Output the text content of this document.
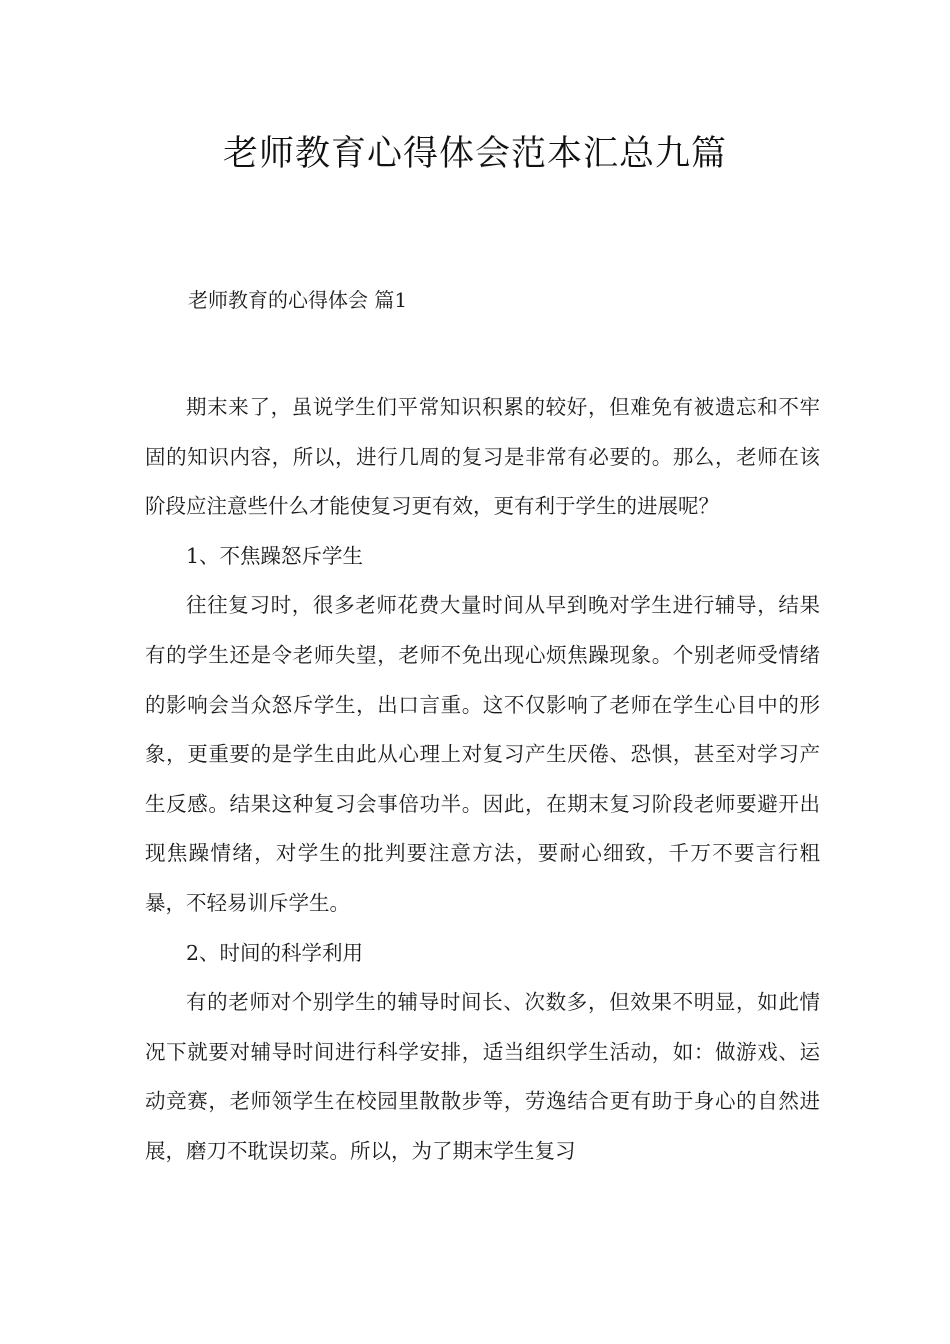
老师教育心得体会范本汇总九篇
老师教育的心得体会 篇1

期末来了，虽说学生们平常知识积累的较好，但难免有被遗忘和不牢固的知识内容，所以，进行几周的复习是非常有必要的。那么，老师在该阶段应注意些什么才能使复习更有效，更有利于学生的进展呢？

1、不焦躁怒斥学生

往往复习时，很多老师花费大量时间从早到晚对学生进行辅导，结果有的学生还是令老师失望，老师不免出现心烦焦躁现象。个别老师受情绪的影响会当众怒斥学生，出口言重。这不仅影响了老师在学生心目中的形象，更重要的是学生由此从心理上对复习产生厌倦、恐惧，甚至对学习产生反感。结果这种复习会事倍功半。因此，在期末复习阶段老师要避开出现焦躁情绪，对学生的批判要注意方法，要耐心细致，千万不要言行粗暴，不轻易训斥学生。

2、时间的科学利用

有的老师对个别学生的辅导时间长、次数多，但效果不明显，如此情况下就要对辅导时间进行科学安排，适当组织学生活动，如：做游戏、运动竞赛，老师领学生在校园里散散步等，劳逸结合更有助于身心的自然进展，磨刀不耽误切菜。所以，为了期末学生复习
